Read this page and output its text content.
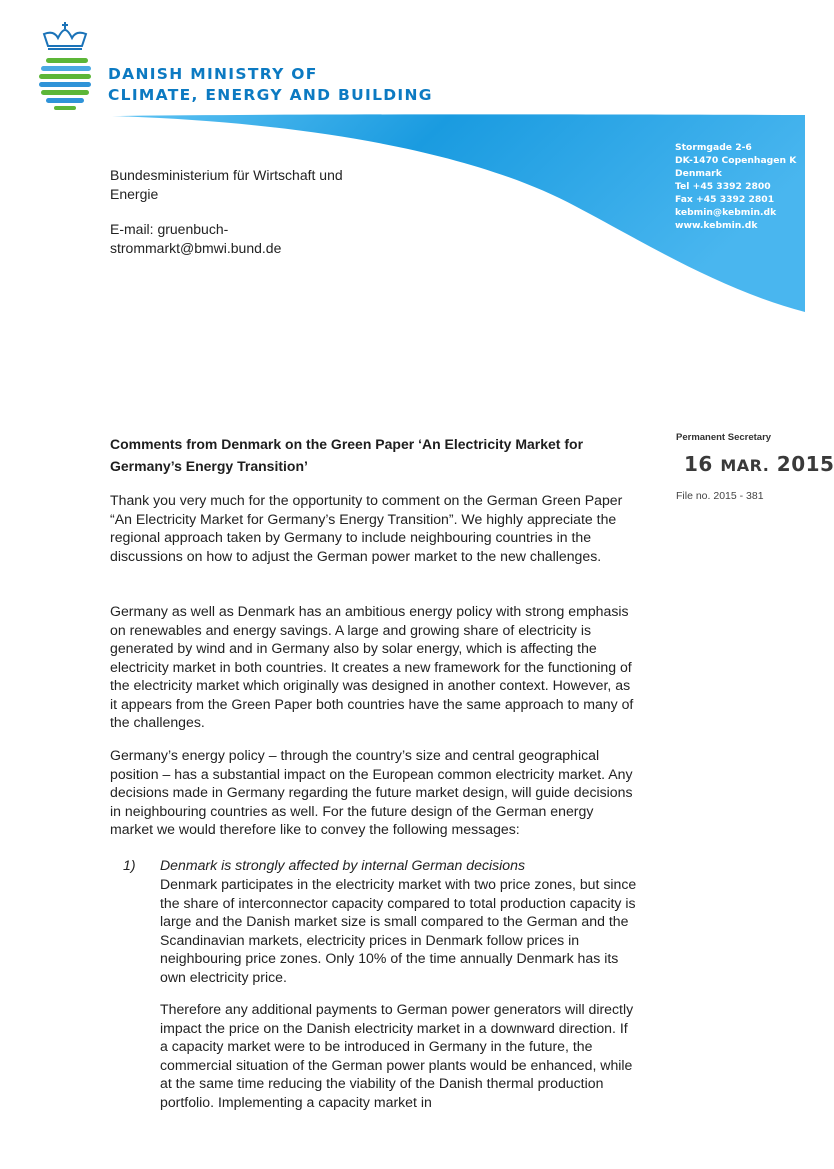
DANISH MINISTRY OF
CLIMATE, ENERGY AND BUILDING
Stormgade 2-6
DK-1470 Copenhagen K
Denmark
Tel +45 3392 2800
Fax +45 3392 2801
kebmin@kebmin.dk
www.kebmin.dk
Bundesministerium für Wirtschaft und
Energie
E-mail: gruenbuch-
strommarkt@bmwi.bund.de
Permanent Secretary
16 MAR. 2015
File no. 2015 - 381
Comments from Denmark on the Green Paper ‘An Electricity Market for
Germany’s Energy Transition’
Thank you very much for the opportunity to comment on the German Green Paper “An Electricity Market for Germany’s Energy Transition”. We highly appreciate the regional approach taken by Germany to include neighbouring countries in the discussions on how to adjust the German power market to the new challenges.
Germany as well as Denmark has an ambitious energy policy with strong emphasis on renewables and energy savings. A large and growing share of electricity is generated by wind and in Germany also by solar energy, which is affecting the electricity market in both countries. It creates a new framework for the functioning of the electricity market which originally was designed in another context. However, as it appears from the Green Paper both countries have the same approach to many of the challenges.
Germany’s energy policy – through the country’s size and central geographical position – has a substantial impact on the European common electricity market. Any decisions made in Germany regarding the future market design, will guide decisions in neighbouring countries as well. For the future design of the German energy market we would therefore like to convey the following messages:
1) Denmark is strongly affected by internal German decisions
Denmark participates in the electricity market with two price zones, but since the share of interconnector capacity compared to total production capacity is large and the Danish market size is small compared to the German and the Scandinavian markets, electricity prices in Denmark follow prices in neighbouring price zones. Only 10% of the time annually Denmark has its own electricity price.
Therefore any additional payments to German power generators will directly impact the price on the Danish electricity market in a downward direction. If a capacity market were to be introduced in Germany in the future, the commercial situation of the German power plants would be enhanced, while at the same time reducing the viability of the Danish thermal production portfolio. Implementing a capacity market in
